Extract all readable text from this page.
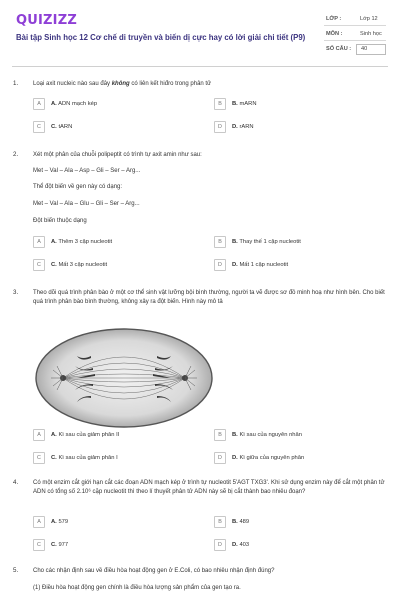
QUIZIZZ
Bài tập Sinh học 12 Cơ chế di truyền và biến dị cực hay có lời giải chi tiết (P9)
LỚP :	Lớp 12
MÔN :	Sinh học
SỐ CÂU : 40
1. Loại axit nucleic nào sau đây không có liên kết hiđro trong phân tử
A	A. ADN mạch kép	B	B. mARN
C	C. tARN	D	D. rARN
2. Xét một phân của chuỗi polipeptit có trình tự axit amin như sau:
Met – Val – Ala – Asp – Gli – Ser – Arg...
Thể đột biến về gen này có dạng:
Met – Val – Ala – Glu – Gli – Ser – Arg...
Đột biến thuộc dạng
A	A. Thêm 3 cặp nucleotit	B	B. Thay thế 1 cặp nucleotit
C	C. Mất 3 cặp nucleotit	D	D. Mất 1 cặp nucleotit
3. Theo dõi quá trình phân bào ở một cơ thể sinh vật lưỡng bội bình thường, người ta vẽ được sơ đồ minh hoạ như hình bên. Cho biết quá trình phân bào bình thường, không xảy ra đột biến. Hình này mô tả
A	A. Kì sau của giảm phân II	B	B. Kì sau của nguyên nhân
C	C. Kì sau của giảm phân I	D	D. Kì giữa của nguyên phân
4. Có một enzim cắt giới hạn cắt các đoạn ADN mạch kép ở trình tự nucleotit 5'AGT TXG3'. Khi sử dụng enzim này để cắt một phân tử ADN có tổng số 2.10⁶ cặp nucleotit thì theo lí thuyết phân tử ADN này sẽ bị cắt thành bao nhiêu đoạn?
A	A. 579	B	B. 489
C	C. 977	D	D. 403
5. Cho các nhận định sau về điều hòa hoạt động gen ở E.Coli, có bao nhiêu nhận định đúng?
(1) Điều hòa hoạt động gen chính là điều hòa lượng sản phẩm của gen tạo ra.
